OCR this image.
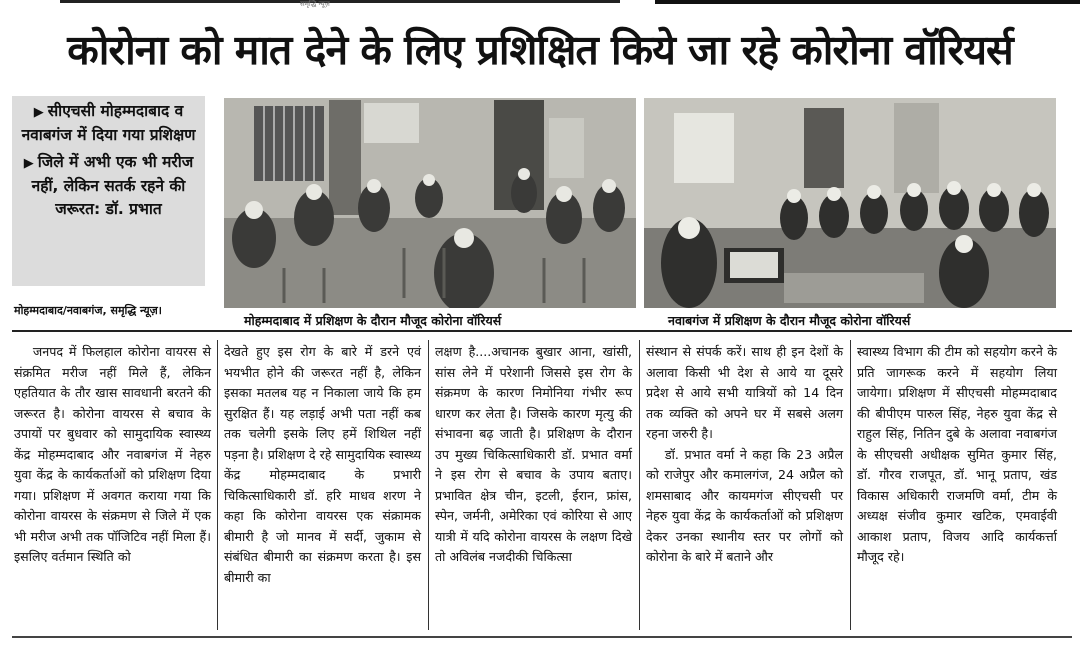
समृद्धि न्यूज़
कोरोना को मात देने के लिए प्रशिक्षित किये जा रहे कोरोना वॉरियर्स
▶ सीएचसी मोहम्मदाबाद व नवाबगंज में दिया गया प्रशिक्षण
▶ जिले में अभी एक भी मरीज नहीं, लेकिन सतर्क रहने की जरूरत: डॉ. प्रभात
मोहम्मदाबाद/नवाबगंज, समृद्धि न्यूज़।
मोहम्मदाबाद में प्रशिक्षण के दौरान मौजूद कोरोना वॉरियर्स	नवाबगंज में प्रशिक्षण के दौरान मौजूद कोरोना वॉरियर्स

जनपद में फिलहाल कोरोना वायरस से संक्रमित मरीज नहीं मिले हैं, लेकिन एहतियात के तौर खास सावधानी बरतने की जरूरत है। कोरोना वायरस से बचाव के उपायों पर बुधवार को सामुदायिक स्वास्थ्य केंद्र मोहम्मदाबाद और नवाबगंज में नेहरु युवा केंद्र के कार्यकर्ताओं को प्रशिक्षण दिया गया। प्रशिक्षण में अवगत कराया गया कि कोरोना वायरस के संक्रमण से जिले में एक भी मरीज अभी तक पॉजिटिव नहीं मिला हैं। इसलिए वर्तमान स्थिति को

देखते हुए इस रोग के बारे में डरने एवं भयभीत होने की जरूरत नहीं है, लेकिन इसका मतलब यह न निकाला जाये कि हम सुरक्षित हैं। यह लड़ाई अभी पता नहीं कब तक चलेगी इसके लिए हमें शिथिल नहीं पड़ना है। प्रशिक्षण दे रहे सामुदायिक स्वास्थ्य केंद्र मोहम्मदाबाद के प्रभारी चिकित्साधिकारी डॉ. हरि माधव शरण ने कहा कि कोरोना वायरस एक संक्रामक बीमारी है जो मानव में सर्दी, जुकाम से संबंधित बीमारी का संक्रमण करता है। इस बीमारी का

लक्षण है....अचानक बुखार आना, खांसी, सांस लेने में परेशानी जिससे इस रोग के संक्रमण के कारण निमोनिया गंभीर रूप धारण कर लेता है। जिसके कारण मृत्यु की संभावना बढ़ जाती है। प्रशिक्षण के दौरान उप मुख्य चिकित्साधिकारी डॉ. प्रभात वर्मा ने इस रोग से बचाव के उपाय बताए। प्रभावित क्षेत्र चीन, इटली, ईरान, फ्रांस, स्पेन, जर्मनी, अमेरिका एवं कोरिया से आए यात्री में यदि कोरोना वायरस के लक्षण दिखे तो अविलंब नजदीकी चिकित्सा

संस्थान से संपर्क करें। साथ ही इन देशों के अलावा किसी भी देश से आये या दूसरे प्रदेश से आये सभी यात्रियों को 14 दिन तक व्यक्ति को अपने घर में सबसे अलग रहना जरुरी है।

डॉ. प्रभात वर्मा ने कहा कि 23 अप्रैल को राजेपुर और कमालगंज, 24 अप्रैल को शमसाबाद और कायमगंज सीएचसी पर नेहरु युवा केंद्र के कार्यकर्ताओं को प्रशिक्षण देकर उनका स्थानीय स्तर पर लोगों को कोरोना के बारे में बताने और

स्वास्थ्य विभाग की टीम को सहयोग करने के प्रति जागरूक करने में सहयोग लिया जायेगा। प्रशिक्षण में सीएचसी मोहम्मदाबाद की बीपीएम पारुल सिंह, नेहरु युवा केंद्र से राहुल सिंह, नितिन दुबे के अलावा नवाबगंज के सीएचसी अधीक्षक सुमित कुमार सिंह, डॉ. गौरव राजपूत, डॉ. भानू प्रताप, खंड विकास अधिकारी राजमणि वर्मा, टीम के अध्यक्ष संजीव कुमार खटिक, एमवाईवी आकाश प्रताप, विजय आदि कार्यकर्त्ता मौजूद रहे।
